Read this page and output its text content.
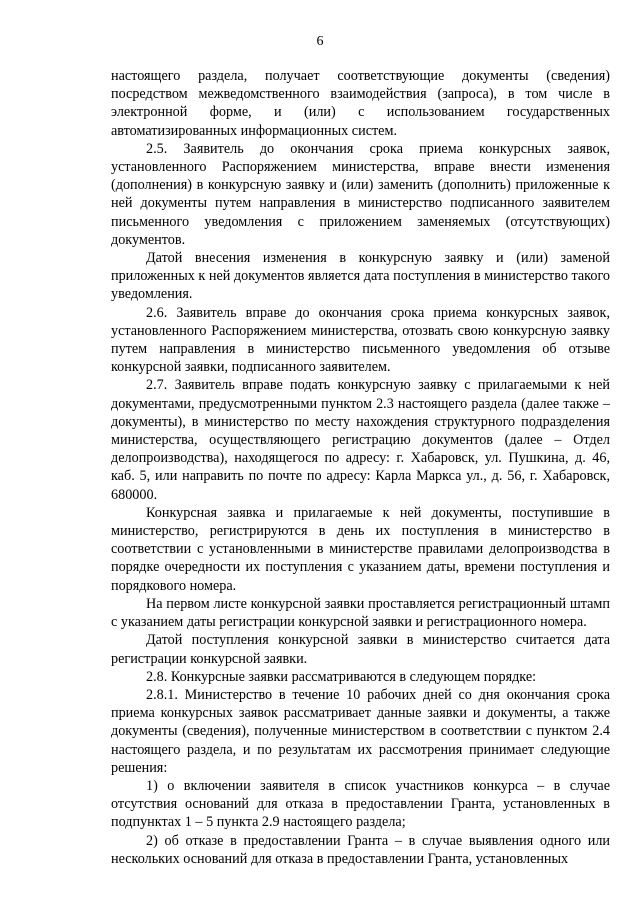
6

настоящего раздела, получает соответствующие документы (сведения) посредством межведомственного взаимодействия (запроса), в том числе в электронной форме, и (или) с использованием государственных автоматизированных информационных систем.

2.5. Заявитель до окончания срока приема конкурсных заявок, установленного Распоряжением министерства, вправе внести изменения (дополнения) в конкурсную заявку и (или) заменить (дополнить) приложенные к ней документы путем направления в министерство подписанного заявителем письменного уведомления с приложением заменяемых (отсутствующих) документов.

Датой внесения изменения в конкурсную заявку и (или) заменой приложенных к ней документов является дата поступления в министерство такого уведомления.

2.6. Заявитель вправе до окончания срока приема конкурсных заявок, установленного Распоряжением министерства, отозвать свою конкурсную заявку путем направления в министерство письменного уведомления об отзыве конкурсной заявки, подписанного заявителем.

2.7. Заявитель вправе подать конкурсную заявку с прилагаемыми к ней документами, предусмотренными пунктом 2.3 настоящего раздела (далее также – документы), в министерство по месту нахождения структурного подразделения министерства, осуществляющего регистрацию документов (далее – Отдел делопроизводства), находящегося по адресу: г. Хабаровск, ул. Пушкина, д. 46, каб. 5, или направить по почте по адресу: Карла Маркса ул., д. 56, г. Хабаровск, 680000.

Конкурсная заявка и прилагаемые к ней документы, поступившие в министерство, регистрируются в день их поступления в министерство в соответствии с установленными в министерстве правилами делопроизводства в порядке очередности их поступления с указанием даты, времени поступления и порядкового номера.

На первом листе конкурсной заявки проставляется регистрационный штамп с указанием даты регистрации конкурсной заявки и регистрационного номера.

Датой поступления конкурсной заявки в министерство считается дата регистрации конкурсной заявки.

2.8. Конкурсные заявки рассматриваются в следующем порядке:

2.8.1. Министерство в течение 10 рабочих дней со дня окончания срока приема конкурсных заявок рассматривает данные заявки и документы, а также документы (сведения), полученные министерством в соответствии с пунктом 2.4 настоящего раздела, и по результатам их рассмотрения принимает следующие решения:

1) о включении заявителя в список участников конкурса – в случае отсутствия оснований для отказа в предоставлении Гранта, установленных в подпунктах 1 – 5 пункта 2.9 настоящего раздела;

2) об отказе в предоставлении Гранта – в случае выявления одного или нескольких оснований для отказа в предоставлении Гранта, установленных
